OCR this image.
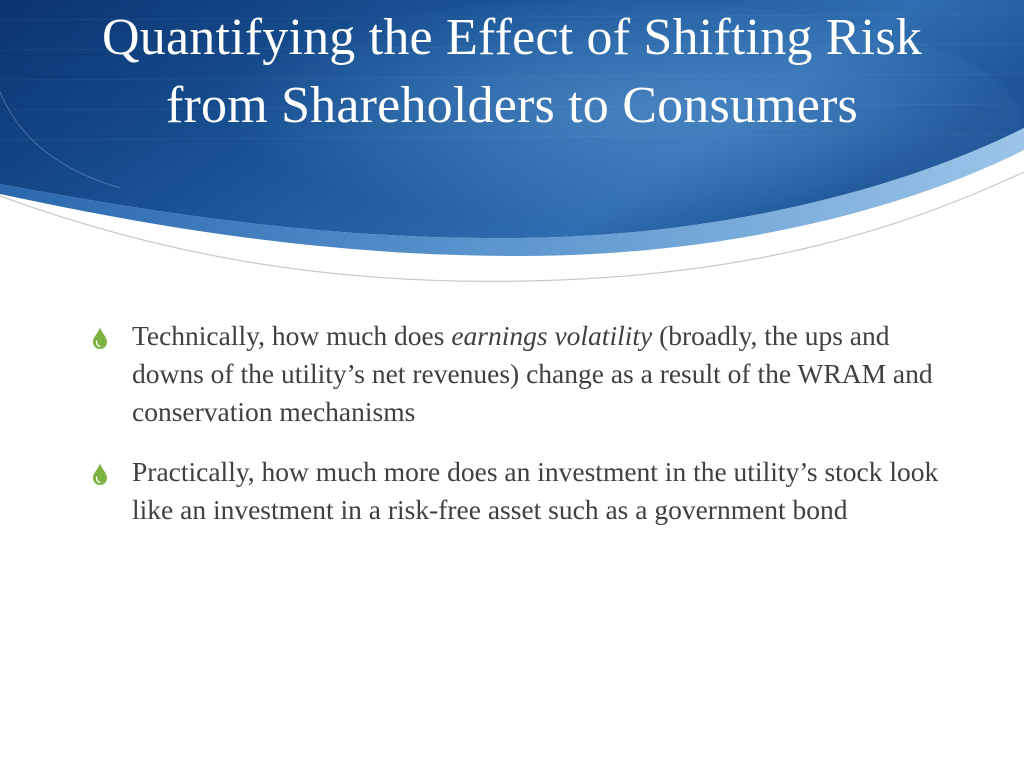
Quantifying the Effect of Shifting Risk from Shareholders to Consumers
Technically, how much does earnings volatility (broadly, the ups and downs of the utility’s net revenues) change as a result of the WRAM and conservation mechanisms
Practically, how much more does an investment in the utility’s stock look like an investment in a risk-free asset such as a government bond
